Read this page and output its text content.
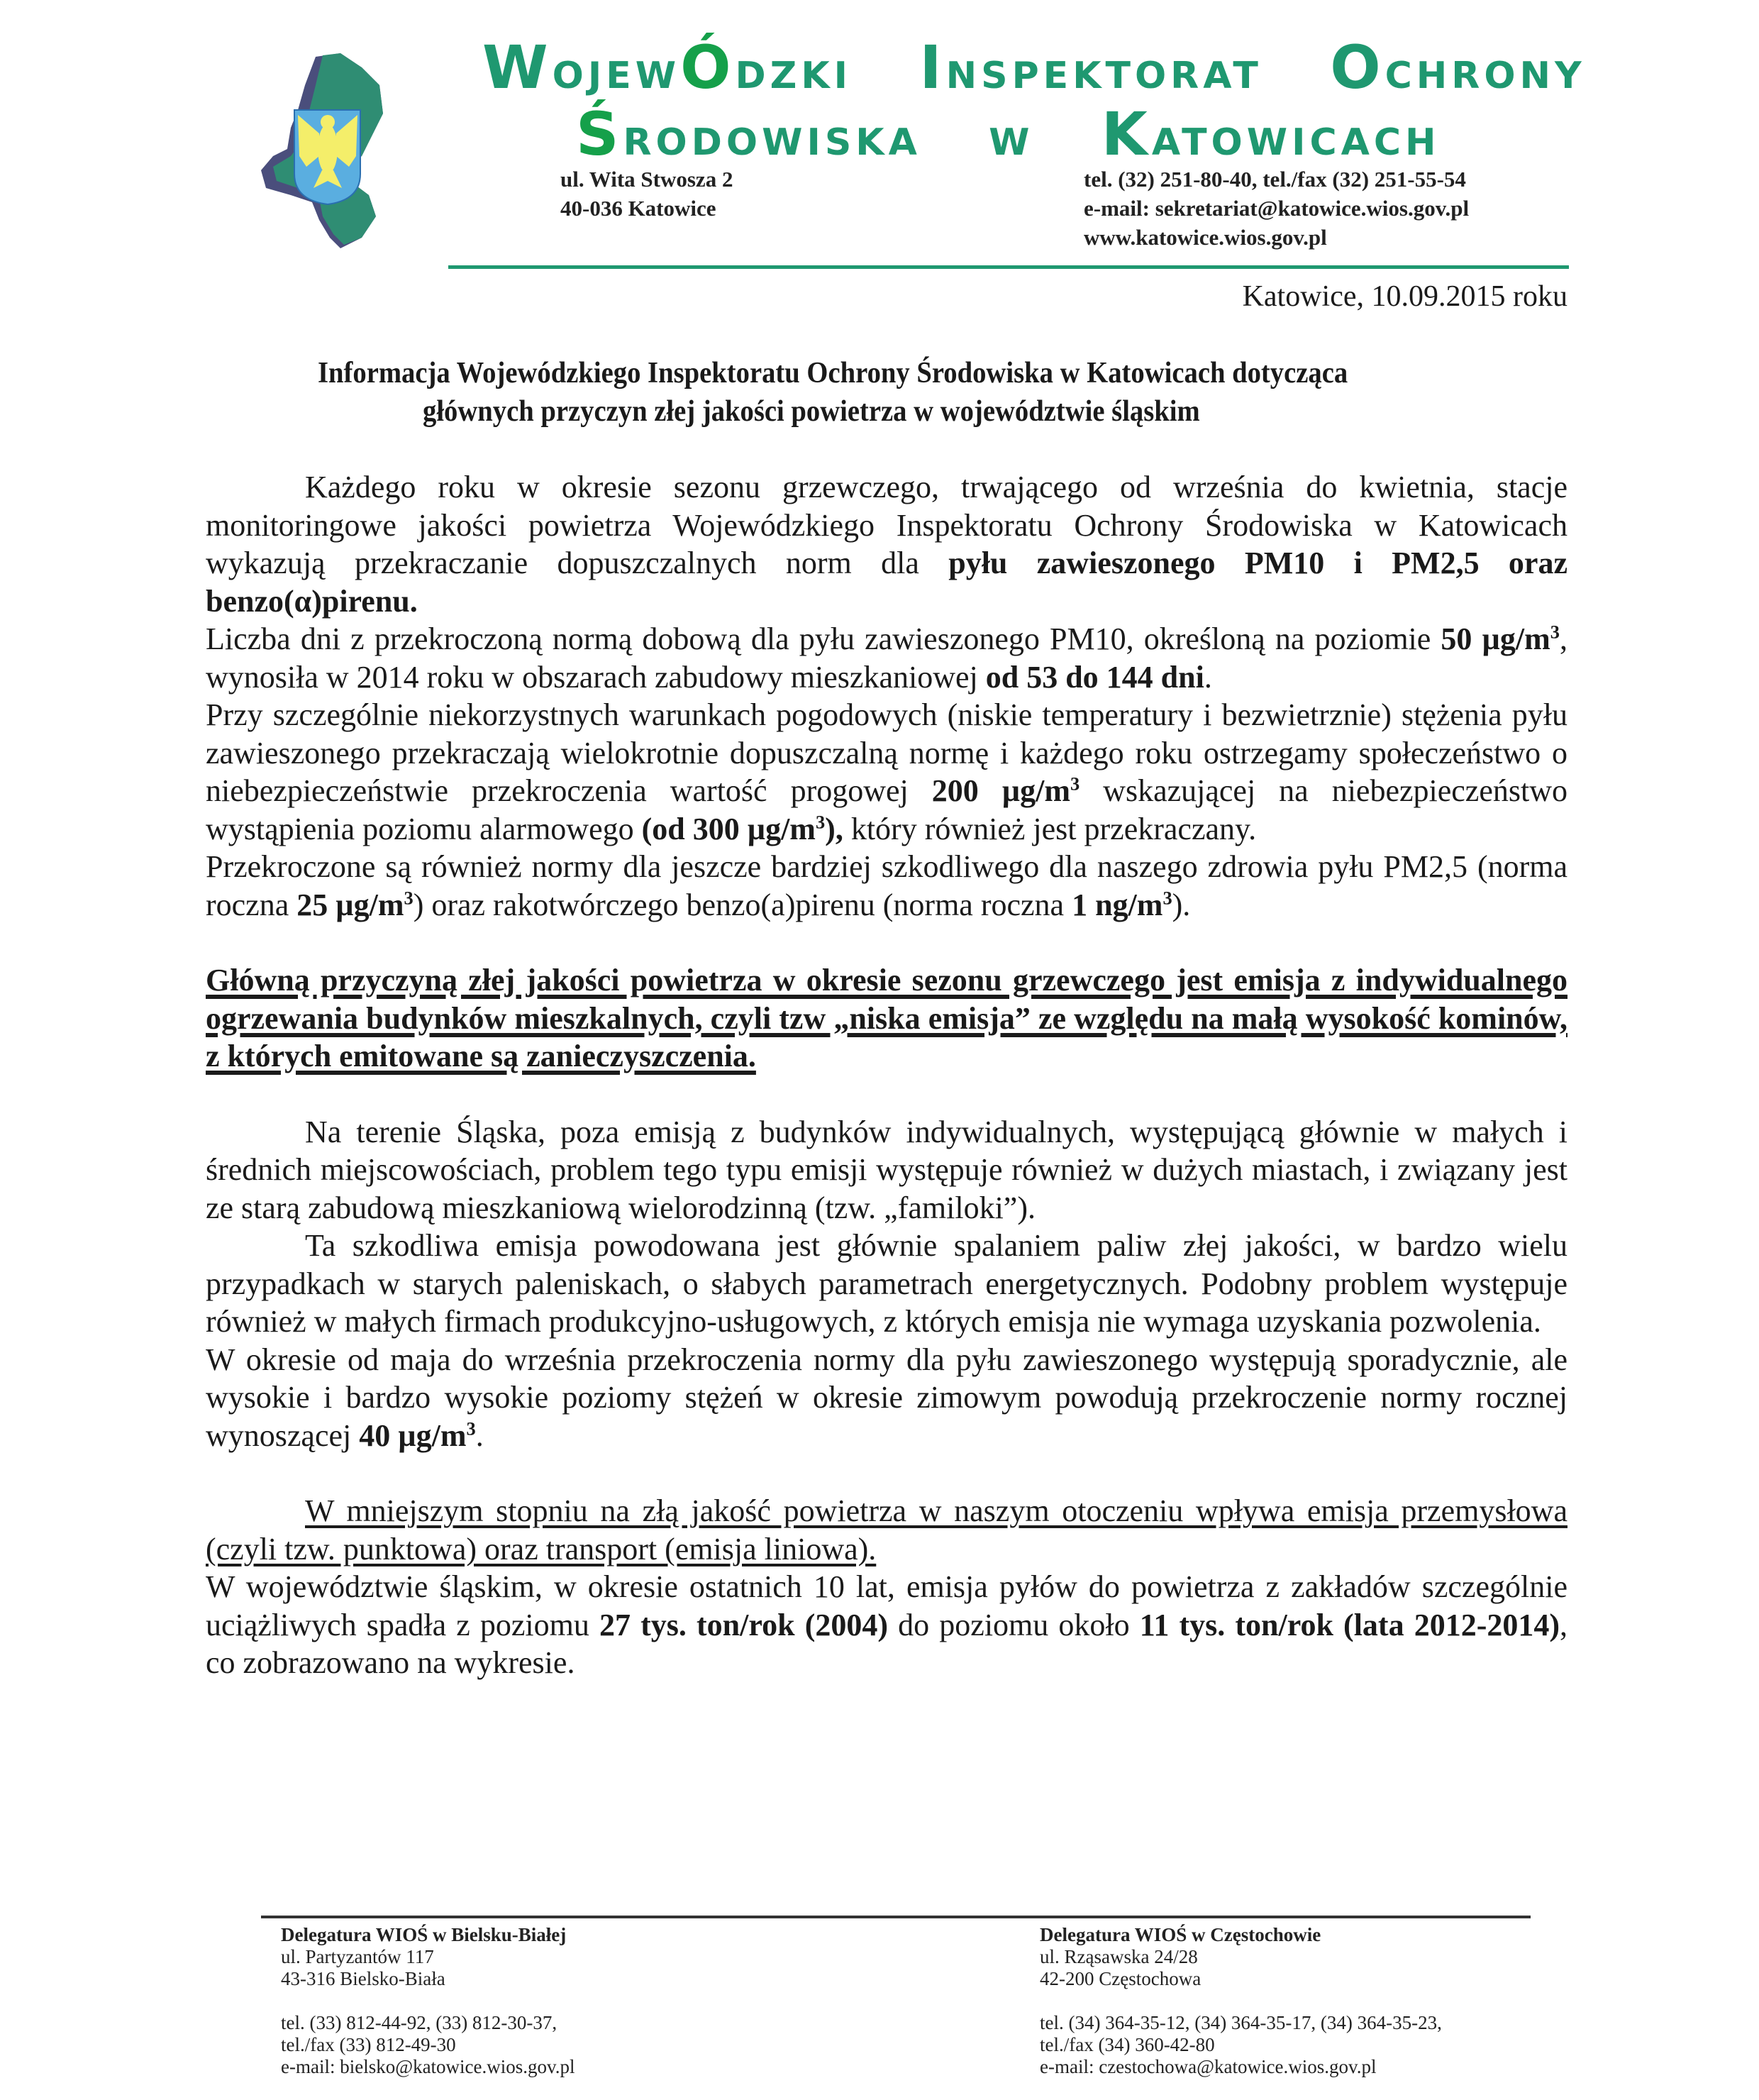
WojewÓdzki Inspektorat Ochrony
Środowiska w Katowicach
ul. Wita Stwosza 2
40-036 Katowice
tel. (32) 251-80-40, tel./fax (32) 251-55-54
e-mail: sekretariat@katowice.wios.gov.pl
www.katowice.wios.gov.pl
Katowice, 10.09.2015 roku
Informacja Wojewódzkiego Inspektoratu Ochrony Środowiska w Katowicach dotycząca
głównych przyczyn złej jakości powietrza w województwie śląskim

Każdego roku w okresie sezonu grzewczego, trwającego od września do kwietnia, stacje monitoringowe jakości powietrza Wojewódzkiego Inspektoratu Ochrony Środowiska w Katowicach wykazują przekraczanie dopuszczalnych norm dla pyłu zawieszonego PM10 i PM2,5 oraz benzo(α)pirenu.

Liczba dni z przekroczoną normą dobową dla pyłu zawieszonego PM10, określoną na poziomie 50 $\mu g/m^3$, wynosiła w 2014 roku w obszarach zabudowy mieszkaniowej od 53 do 144 dni.

Przy szczególnie niekorzystnych warunkach pogodowych (niskie temperatury i bezwietrznie) stężenia pyłu zawieszonego przekraczają wielokrotnie dopuszczalną normę i każdego roku ostrzegamy społeczeństwo o niebezpieczeństwie przekroczenia wartość progowej 200 $\mu g/m^3$ wskazującej na niebezpieczeństwo wystąpienia poziomu alarmowego (od 300 $\mu g/m^3$), który również jest przekraczany.

Przekroczone są również normy dla jeszcze bardziej szkodliwego dla naszego zdrowia pyłu PM2,5 (norma roczna 25 $\mu g/m^3$) oraz rakotwórczego benzo(a)pirenu (norma roczna 1 $ng/m^3$).

Główną przyczyną złej jakości powietrza w okresie sezonu grzewczego jest emisja z indywidualnego ogrzewania budynków mieszkalnych, czyli tzw „niska emisja” ze względu na małą wysokość kominów, z których emitowane są zanieczyszczenia.

Na terenie Śląska, poza emisją z budynków indywidualnych, występującą głównie w małych i średnich miejscowościach, problem tego typu emisji występuje również w dużych miastach, i związany jest ze starą zabudową mieszkaniową wielorodzinną (tzw. „familoki”).

Ta szkodliwa emisja powodowana jest głównie spalaniem paliw złej jakości, w bardzo wielu przypadkach w starych paleniskach, o słabych parametrach energetycznych. Podobny problem występuje również w małych firmach produkcyjno-usługowych, z których emisja nie wymaga uzyskania pozwolenia.

W okresie od maja do września przekroczenia normy dla pyłu zawieszonego występują sporadycznie, ale wysokie i bardzo wysokie poziomy stężeń w okresie zimowym powodują przekroczenie normy rocznej wynoszącej 40 $\mu g/m^3$.

W mniejszym stopniu na złą jakość powietrza w naszym otoczeniu wpływa emisja przemysłowa (czyli tzw. punktowa) oraz transport (emisja liniowa).

W województwie śląskim, w okresie ostatnich 10 lat, emisja pyłów do powietrza z zakładów szczególnie uciążliwych spadła z poziomu 27 tys. ton/rok (2004) do poziomu około 11 tys. ton/rok (lata 2012-2014), co zobrazowano na wykresie.

Delegatura WIOŚ w Bielsku-Białej
ul. Partyzantów 117
43-316 Bielsko-Biała
tel. (33) 812-44-92, (33) 812-30-37,
tel./fax (33) 812-49-30
e-mail: bielsko@katowice.wios.gov.pl
Delegatura WIOŚ w Częstochowie
ul. Rząsawska 24/28
42-200 Częstochowa
tel. (34) 364-35-12, (34) 364-35-17, (34) 364-35-23,
tel./fax (34) 360-42-80
e-mail: czestochowa@katowice.wios.gov.pl
